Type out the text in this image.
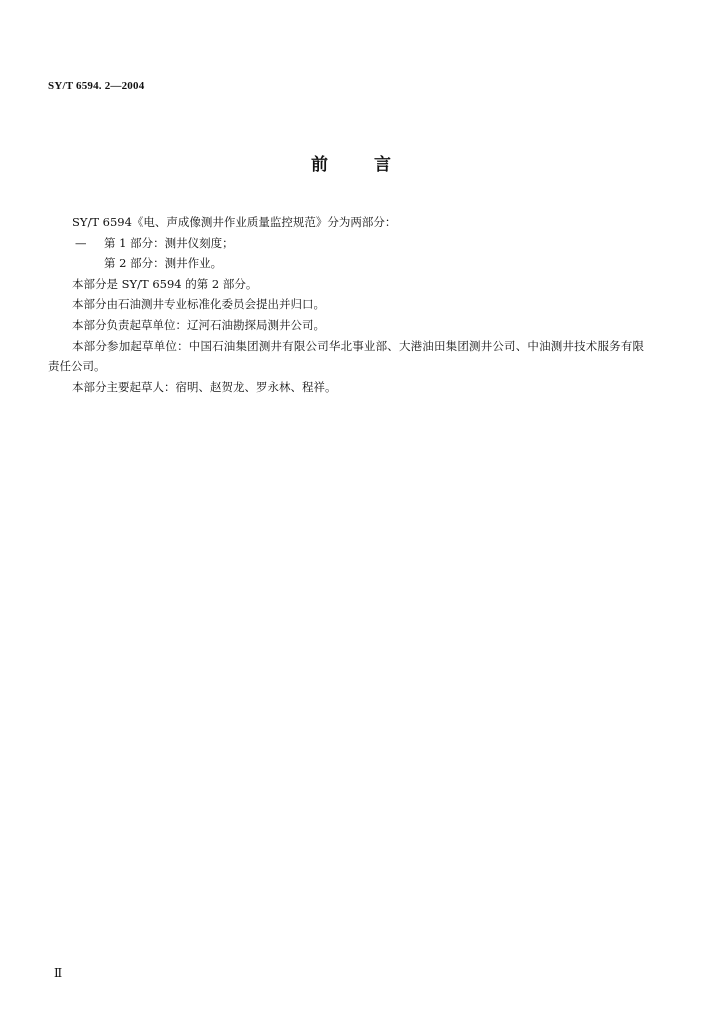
SY/T 6594. 2—2004
前	言

SY/T 6594《电、声成像测井作业质量监控规范》分为两部分：

— 第 1 部分：测井仪刻度；

第 2 部分：测井作业。

本部分是 SY/T 6594 的第 2 部分。

本部分由石油测井专业标准化委员会提出并归口。

本部分负责起草单位：辽河石油勘探局测井公司。

本部分参加起草单位：中国石油集团测井有限公司华北事业部、大港油田集团测井公司、中油测井技术服务有限责任公司。

本部分主要起草人：宿明、赵贺龙、罗永林、程祥。

Ⅱ
